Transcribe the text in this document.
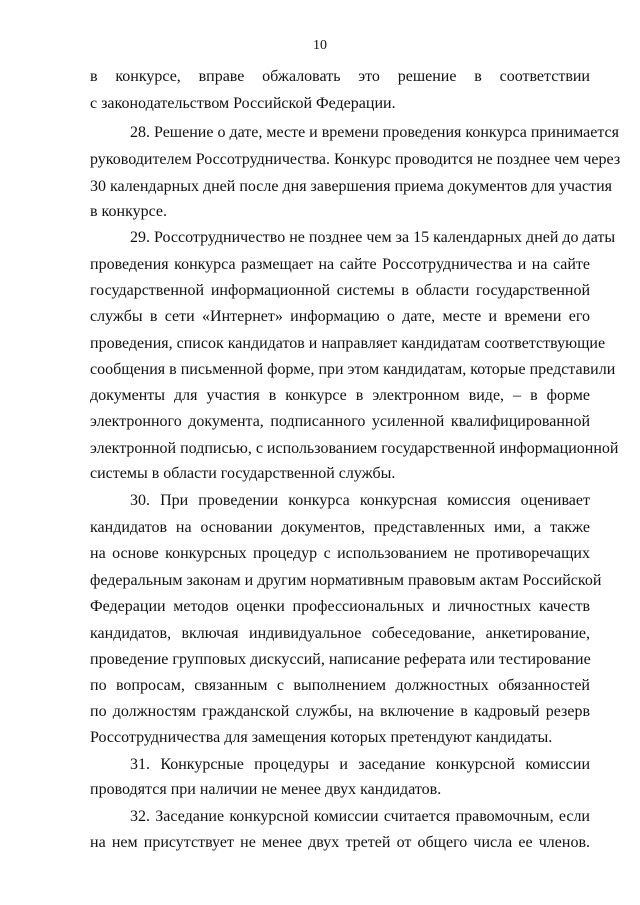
10
в конкурсе, вправе обжаловать это решение в соответствии
с законодательством Российской Федерации.
28. Решение о дате, месте и времени проведения конкурса принимается
руководителем Россотрудничества. Конкурс проводится не позднее чем через
30 календарных дней после дня завершения приема документов для участия
в конкурсе.
29. Россотрудничество не позднее чем за 15 календарных дней до даты
проведения конкурса размещает на сайте Россотрудничества и на сайте
государственной информационной системы в области государственной
службы в сети «Интернет» информацию о дате, месте и времени его
проведения, список кандидатов и направляет кандидатам соответствующие
сообщения в письменной форме, при этом кандидатам, которые представили
документы для участия в конкурсе в электронном виде, – в форме
электронного документа, подписанного усиленной квалифицированной
электронной подписью, с использованием государственной информационной
системы в области государственной службы.
30. При проведении конкурса конкурсная комиссия оценивает
кандидатов на основании документов, представленных ими, а также
на основе конкурсных процедур с использованием не противоречащих
федеральным законам и другим нормативным правовым актам Российской
Федерации методов оценки профессиональных и личностных качеств
кандидатов, включая индивидуальное собеседование, анкетирование,
проведение групповых дискуссий, написание реферата или тестирование
по вопросам, связанным с выполнением должностных обязанностей
по должностям гражданской службы, на включение в кадровый резерв
Россотрудничества для замещения которых претендуют кандидаты.
31. Конкурсные процедуры и заседание конкурсной комиссии
проводятся при наличии не менее двух кандидатов.
32. Заседание конкурсной комиссии считается правомочным, если
на нем присутствует не менее двух третей от общего числа ее членов.
